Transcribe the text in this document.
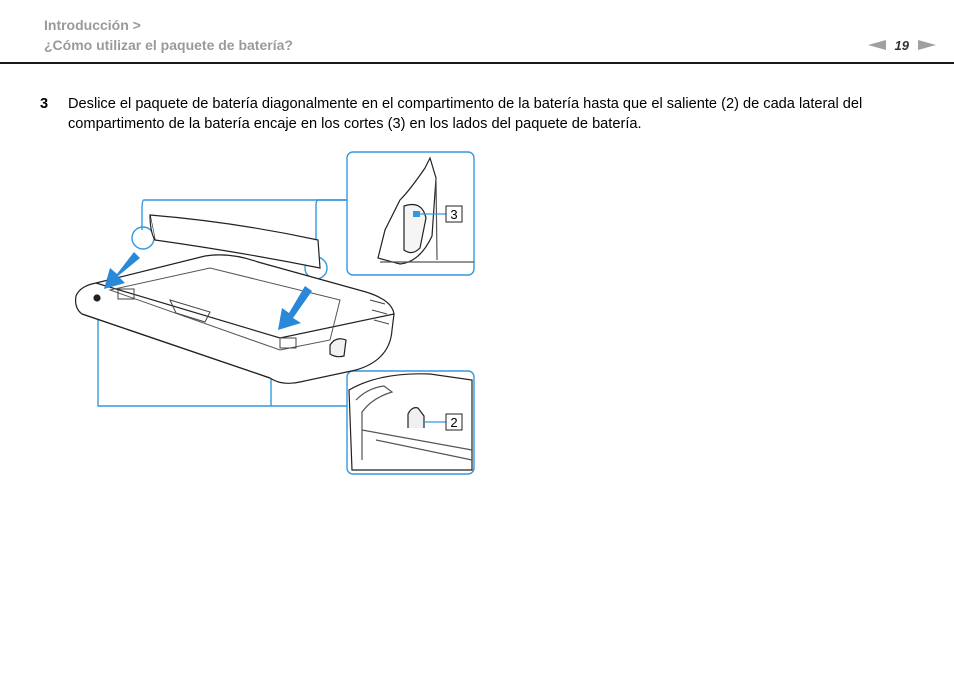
Introducción >
¿Cómo utilizar el paquete de batería?	19
3 Deslice el paquete de batería diagonalmente en el compartimento de la batería hasta que el saliente (2) de cada lateral del compartimento de la batería encaje en los cortes (3) en los lados del paquete de batería.
3
2
